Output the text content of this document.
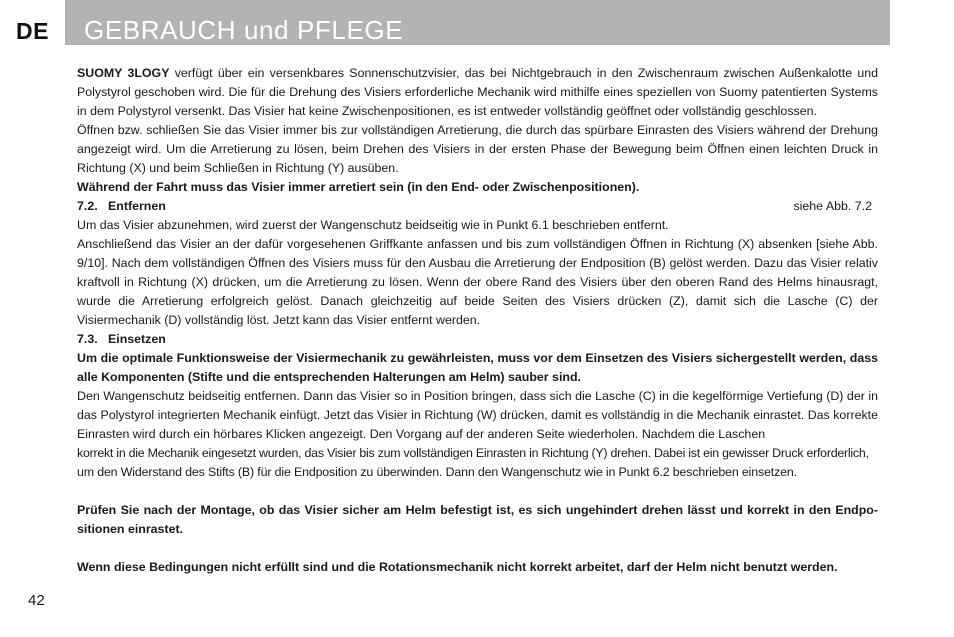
DE GEBRAUCH und PFLEGE

SUOMY 3LOGY verfügt über ein versenkbares Sonnenschutzvisier, das bei Nichtgebrauch in den Zwischenraum zwischen Außenkalotte und Polystyrol geschoben wird. Die für die Drehung des Visiers erforderliche Mechanik wird mithilfe eines speziellen von Suomy patentierten Systems in dem Polystyrol versenkt. Das Visier hat keine Zwischenpositionen, es ist entweder vollständig geöffnet oder vollständig geschlossen.

Öffnen bzw. schließen Sie das Visier immer bis zur vollständigen Arretierung, die durch das spürbare Einrasten des Visiers während der Drehung angezeigt wird. Um die Arretierung zu lösen, beim Drehen des Visiers in der ersten Phase der Bewegung beim Öffnen einen leichten Druck in Richtung (X) und beim Schließen in Richtung (Y) ausüben.

Während der Fahrt muss das Visier immer arretiert sein (in den End- oder Zwischenpositionen).

7.2.   Entfernen	siehe Abb. 7.2

Um das Visier abzunehmen, wird zuerst der Wangenschutz beidseitig wie in Punkt 6.1 beschrieben entfernt.

Anschließend das Visier an der dafür vorgesehenen Griffkante anfassen und bis zum vollständigen Öffnen in Richtung (X) absenken [siehe Abb. 9/10]. Nach dem vollständigen Öffnen des Visiers muss für den Ausbau die Arretierung der Endposition (B) gelöst werden. Dazu das Visier relativ kraftvoll in Richtung (X) drücken, um die Arretierung zu lösen. Wenn der obere Rand des Visiers über den oberen Rand des Helms hinausragt, wurde die Arretierung erfolgreich gelöst. Danach gleichzeitig auf beide Seiten des Visiers drücken (Z), damit sich die Lasche (C) der Visiermechanik (D) vollständig löst. Jetzt kann das Visier entfernt werden.

7.3.   Einsetzen

Um die optimale Funktionsweise der Visiermechanik zu gewährleisten, muss vor dem Einsetzen des Visiers sichergestellt werden, dass alle Komponenten (Stifte und die entsprechenden Halterungen am Helm) sauber sind.

Den Wangenschutz beidseitig entfernen. Dann das Visier so in Position bringen, dass sich die Lasche (C) in die kegelförmige Vertiefung (D) der in das Polystyrol integrierten Mechanik einfügt. Jetzt das Visier in Richtung (W) drücken, damit es vollständig in die Mechanik einrastet. Das korrekte Einrasten wird durch ein hörbares Klicken angezeigt. Den Vorgang auf der anderen Seite wiederholen. Nachdem die Laschen

korrekt in die Mechanik eingesetzt wurden, das Visier bis zum vollständigen Einrasten in Richtung (Y) drehen. Dabei ist ein gewisser Druck erforderlich,

um den Widerstand des Stifts (B) für die Endposition zu überwinden. Dann den Wangenschutz wie in Punkt 6.2 beschrieben einsetzen.

Prüfen Sie nach der Montage, ob das Visier sicher am Helm befestigt ist, es sich ungehindert drehen lässt und korrekt in den Endpo-sitionen einrastet.

Wenn diese Bedingungen nicht erfüllt sind und die Rotationsmechanik nicht korrekt arbeitet, darf der Helm nicht benutzt werden.

42
